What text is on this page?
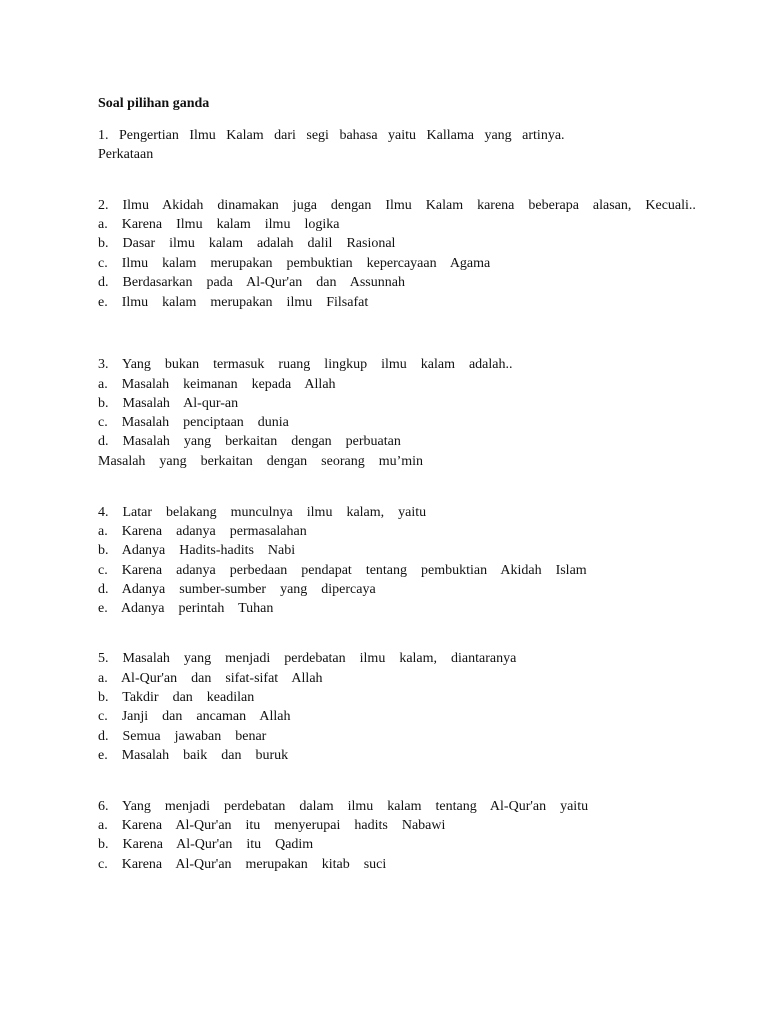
Soal pilihan ganda
1.   Pengertian   Ilmu   Kalam   dari   segi   bahasa   yaitu   Kallama   yang   artinya.
Perkataan
2.    Ilmu    Akidah    dinamakan    juga    dengan    Ilmu    Kalam    karena    beberapa    alasan,    Kecuali..
a.    Karena    Ilmu    kalam    ilmu    logika
b.    Dasar    ilmu    kalam    adalah    dalil    Rasional
c.    Ilmu    kalam    merupakan    pembuktian    kepercayaan    Agama
d.    Berdasarkan    pada    Al-Qur'an    dan    Assunnah
e.    Ilmu    kalam    merupakan    ilmu    Filsafat
3.    Yang    bukan    termasuk    ruang    lingkup    ilmu    kalam    adalah..
a.    Masalah    keimanan    kepada    Allah
b.    Masalah    Al-qur-an
c.    Masalah    penciptaan    dunia
d.    Masalah    yang    berkaitan    dengan    perbuatan
Masalah    yang    berkaitan    dengan    seorang    mu’min
4.    Latar    belakang    munculnya    ilmu    kalam,    yaitu
a.    Karena    adanya    permasalahan
b.    Adanya    Hadits-hadits    Nabi
c.    Karena    adanya    perbedaan    pendapat    tentang    pembuktian    Akidah    Islam
d.    Adanya    sumber-sumber    yang    dipercaya
e.    Adanya    perintah    Tuhan
5.    Masalah    yang    menjadi    perdebatan    ilmu    kalam,    diantaranya
a.    Al-Qur'an    dan    sifat-sifat    Allah
b.    Takdir    dan    keadilan
c.    Janji    dan    ancaman    Allah
d.    Semua    jawaban    benar
e.    Masalah    baik    dan    buruk
6.    Yang    menjadi    perdebatan    dalam    ilmu    kalam    tentang    Al-Qur'an    yaitu
a.    Karena    Al-Qur'an    itu    menyerupai    hadits    Nabawi
b.    Karena    Al-Qur'an    itu    Qadim
c.    Karena    Al-Qur'an    merupakan    kitab    suci
